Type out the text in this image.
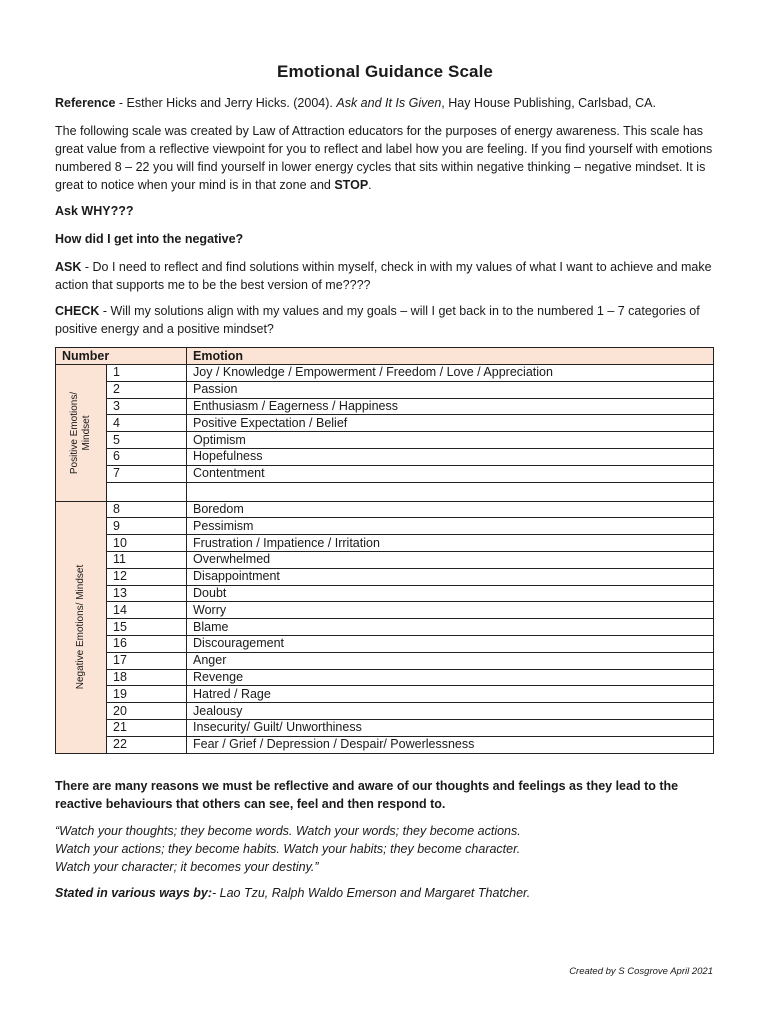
Emotional Guidance Scale

Reference - Esther Hicks and Jerry Hicks. (2004). Ask and It Is Given, Hay House Publishing, Carlsbad, CA.

The following scale was created by Law of Attraction educators for the purposes of energy awareness. This scale has great value from a reflective viewpoint for you to reflect and label how you are feeling. If you find yourself with emotions numbered 8 – 22 you will find yourself in lower energy cycles that sits within negative thinking – negative mindset. It is great to notice when your mind is in that zone and STOP.

Ask WHY???

How did I get into the negative?

ASK - Do I need to reflect and find solutions within myself, check in with my values of what I want to achieve and make action that supports me to be the best version of me????

CHECK - Will my solutions align with my values and my goals – will I get back in to the numbered 1 – 7 categories of positive energy and a positive mindset?

Number		Emotion

Positive Emotions/ Mindset	1	Joy / Knowledge / Empowerment / Freedom / Love / Appreciation
	2	Passion
	3	Enthusiasm / Eagerness / Happiness
	4	Positive Expectation / Belief
	5	Optimism
	6	Hopefulness
	7	Contentment

Negative Emotions/ Mindset	8	Boredom
	9	Pessimism
	10	Frustration / Impatience / Irritation
	11	Overwhelmed
	12	Disappointment
	13	Doubt
	14	Worry
	15	Blame
	16	Discouragement
	17	Anger
	18	Revenge
	19	Hatred / Rage
	20	Jealousy
	21	Insecurity/ Guilt/ Unworthiness
	22	Fear / Grief / Depression / Despair/ Powerlessness

There are many reasons we must be reflective and aware of our thoughts and feelings as they lead to the reactive behaviours that others can see, feel and then respond to.

“Watch your thoughts; they become words. Watch your words; they become actions.
Watch your actions; they become habits. Watch your habits; they become character.
Watch your character; it becomes your destiny.”

Stated in various ways by:- Lao Tzu, Ralph Waldo Emerson and Margaret Thatcher.

Created by S Cosgrove April 2021
